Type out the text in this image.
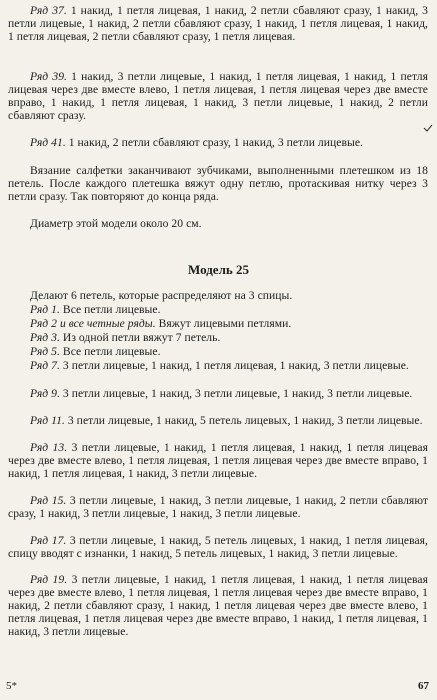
Ряд 37. 1 накид, 1 петля лицевая, 1 накид, 2 петли сбавляют сразу, 1 накид, 3 петли лицевые, 1 накид, 2 петли сбавляют сразу, 1 накид, 1 петля лицевая, 1 накид, 1 петля лицевая, 2 петли сбавляют сразу, 1 петля лицевая.
Ряд 39. 1 накид, 3 петли лицевые, 1 накид, 1 петля лицевая, 1 накид, 1 петля лицевая через две вместе влево, 1 петля лицевая, 1 петля лицевая через две вместе вправо, 1 накид, 1 петля лицевая, 1 накид, 3 петли лицевые, 1 накид, 2 петли сбавляют сразу.
Ряд 41. 1 накид, 2 петли сбавляют сразу, 1 накид, 3 петли лицевые.
Вязание салфетки заканчивают зубчиками, выполненными плетешком из 18 петель. После каждого плетешка вяжут одну петлю, протаскивая нитку через 3 петли сразу. Так повторяют до конца ряда.
Диаметр этой модели около 20 см.
Модель 25
Делают 6 петель, которые распределяют на 3 спицы.
Ряд 1. Все петли лицевые.
Ряд 2 и все четные ряды. Вяжут лицевыми петлями.
Ряд 3. Из одной петли вяжут 7 петель.
Ряд 5. Все петли лицевые.
Ряд 7. 3 петли лицевые, 1 накид, 1 петля лицевая, 1 накид, 3 петли лицевые.
Ряд 9. 3 петли лицевые, 1 накид, 3 петли лицевые, 1 накид, 3 петли лицевые.
Ряд 11. 3 петли лицевые, 1 накид, 5 петель лицевых, 1 накид, 3 петли лицевые.
Ряд 13. 3 петли лицевые, 1 накид, 1 петля лицевая, 1 накид, 1 петля лицевая через две вместе влево, 1 петля лицевая, 1 петля лицевая через две вместе вправо, 1 накид, 1 петля лицевая, 1 накид, 3 петли лицевые.
Ряд 15. 3 петли лицевые, 1 накид, 3 петли лицевые, 1 накид, 2 петли сбавляют сразу, 1 накид, 3 петли лицевые, 1 накид, 3 петли лицевые.
Ряд 17. 3 петли лицевые, 1 накид, 5 петель лицевых, 1 накид, 1 петля лицевая, спицу вводят с изнанки, 1 накид, 5 петель лицевых, 1 накид, 3 петли лицевые.
Ряд 19. 3 петли лицевые, 1 накид, 1 петля лицевая, 1 накид, 1 петля лицевая через две вместе влево, 1 петля лицевая, 1 петля лицевая через две вместе вправо, 1 накид, 2 петли сбавляют сразу, 1 накид, 1 петля лицевая через две вместе влево, 1 петля лицевая, 1 петля лицевая через две вместе вправо, 1 накид, 1 петля лицевая, 1 накид, 3 петли лицевые.
5*	67
